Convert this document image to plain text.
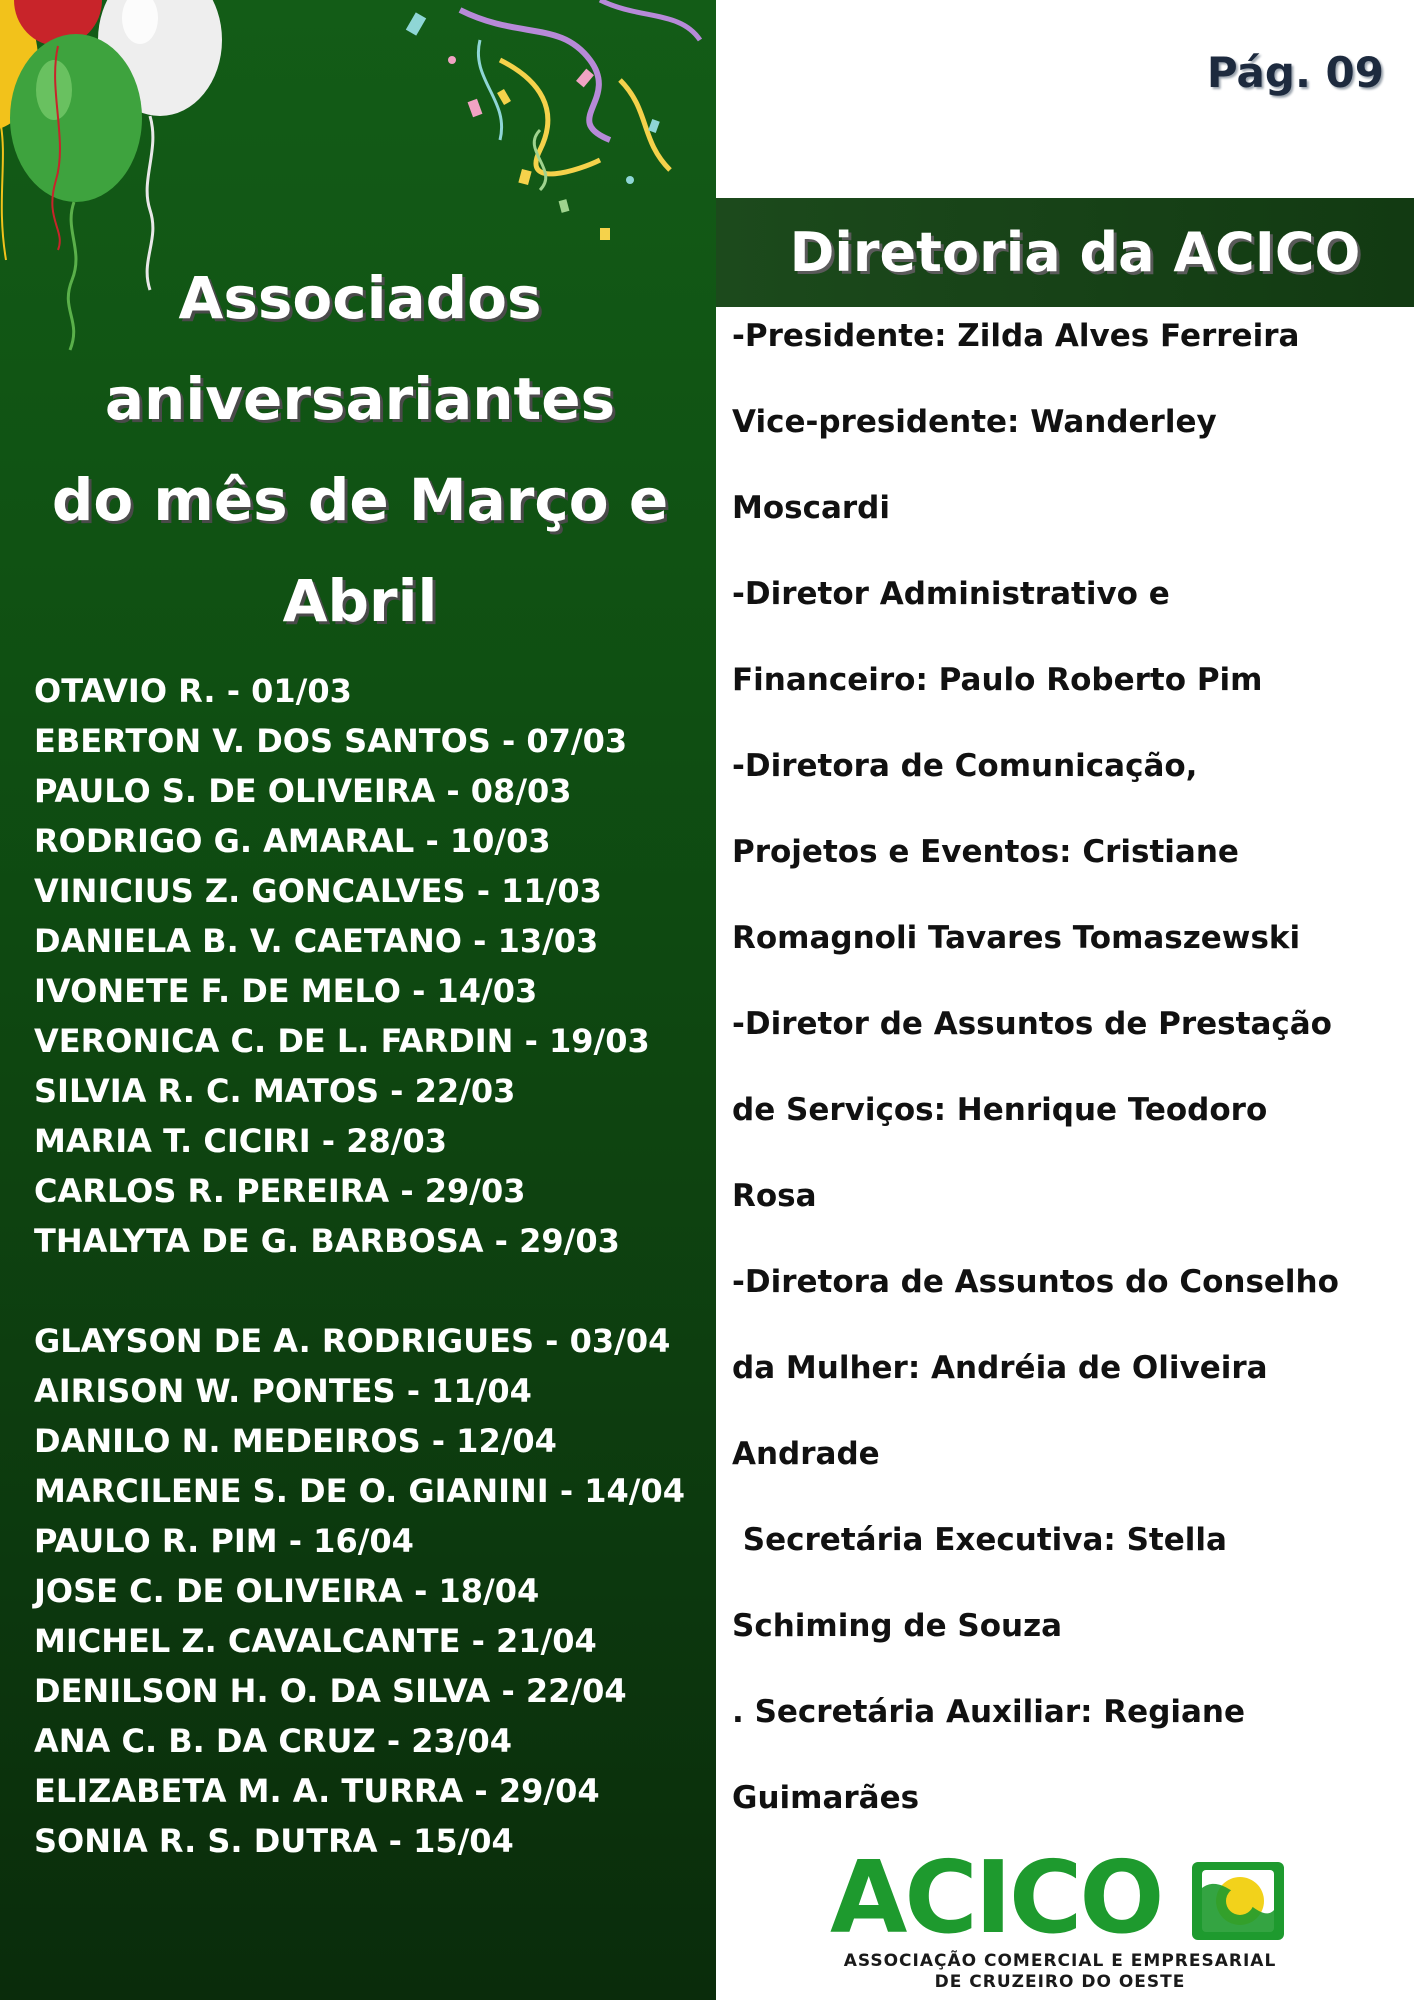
Associados
aniversariantes
do mês de Março e
Abril
OTAVIO R. - 01/03
EBERTON V. DOS SANTOS - 07/03
PAULO S. DE OLIVEIRA - 08/03
RODRIGO G. AMARAL - 10/03
VINICIUS Z. GONCALVES - 11/03
DANIELA B. V. CAETANO - 13/03
IVONETE F. DE MELO - 14/03
VERONICA C. DE L. FARDIN - 19/03
SILVIA R. C. MATOS - 22/03
MARIA T. CICIRI - 28/03
CARLOS R. PEREIRA - 29/03
THALYTA DE G. BARBOSA - 29/03
GLAYSON DE A. RODRIGUES - 03/04
AIRISON W. PONTES - 11/04
DANILO N. MEDEIROS - 12/04
MARCILENE S. DE O. GIANINI - 14/04
PAULO R. PIM - 16/04
JOSE C. DE OLIVEIRA - 18/04
MICHEL Z. CAVALCANTE - 21/04
DENILSON H. O. DA SILVA - 22/04
ANA C. B. DA CRUZ - 23/04
ELIZABETA M. A. TURRA - 29/04
SONIA R. S. DUTRA - 15/04
Pág. 09
Diretoria da ACICO
-Presidente: Zilda Alves Ferreira
Vice-presidente: Wanderley
Moscardi
-Diretor Administrativo e
Financeiro: Paulo Roberto Pim
-Diretora de Comunicação,
Projetos e Eventos: Cristiane
Romagnoli Tavares Tomaszewski
-Diretor de Assuntos de Prestação
de Serviços: Henrique Teodoro
Rosa
-Diretora de Assuntos do Conselho
da Mulher: Andréia de Oliveira
Andrade
Secretária Executiva: Stella
Schiming de Souza
. Secretária Auxiliar: Regiane
Guimarães
ACICO
ASSOCIAÇÃO COMERCIAL E EMPRESARIAL
DE CRUZEIRO DO OESTE
